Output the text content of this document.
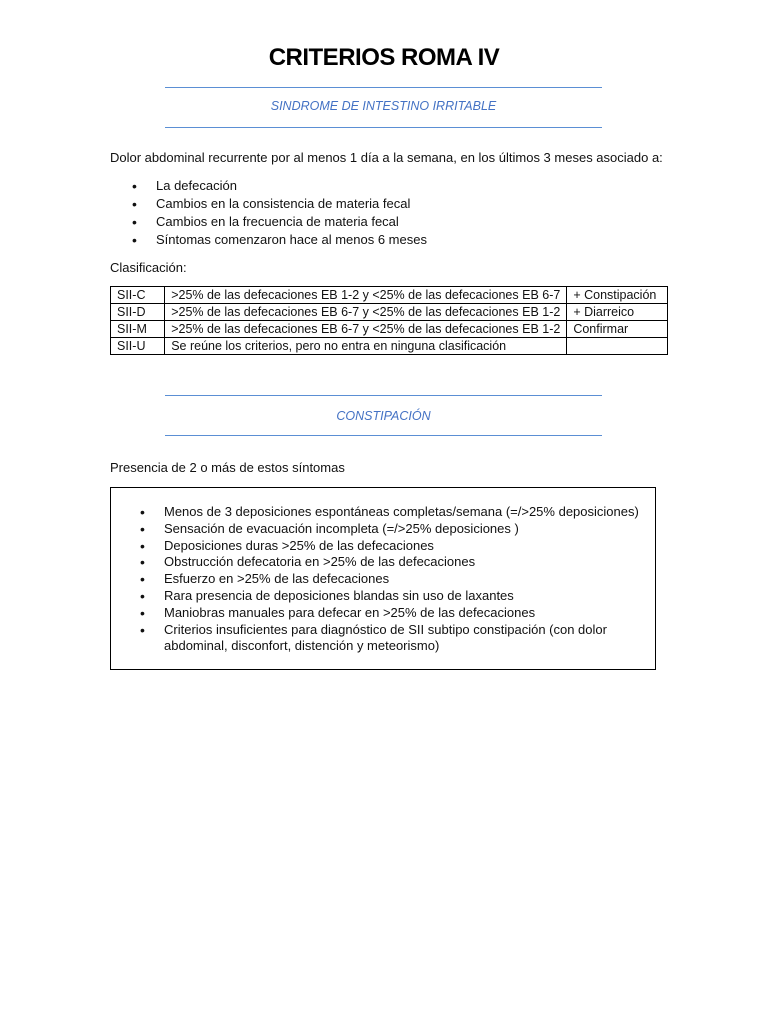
CRITERIOS ROMA IV
SINDROME DE INTESTINO IRRITABLE
Dolor abdominal recurrente por al menos 1 día a la semana, en los últimos 3 meses asociado a:
• La defecación
• Cambios en la consistencia de materia fecal
• Cambios en la frecuencia de materia fecal
• Síntomas comenzaron hace al menos 6 meses
Clasificación:
SII-C	>25% de las defecaciones EB 1-2 y <25% de las defecaciones EB 6-7	+ Constipación
SII-D	>25% de las defecaciones EB 6-7 y <25% de las defecaciones EB 1-2	+ Diarreico
SII-M	>25% de las defecaciones EB 6-7 y <25% de las defecaciones EB 1-2	Confirmar
SII-U	Se reúne los criterios, pero no entra en ninguna clasificación	
CONSTIPACIÓN
Presencia de 2 o más de estos síntomas
• Menos de 3 deposiciones espontáneas completas/semana (=/>25% deposiciones)
• Sensación de evacuación incompleta (=/>25% deposiciones )
• Deposiciones duras >25% de las defecaciones
• Obstrucción defecatoria en >25% de las defecaciones
• Esfuerzo en >25% de las defecaciones
• Rara presencia de deposiciones blandas sin uso de laxantes
• Maniobras manuales para defecar en >25% de las defecaciones
• Criterios insuficientes para diagnóstico de SII subtipo constipación (con dolor abdominal, disconfort, distención y meteorismo)
